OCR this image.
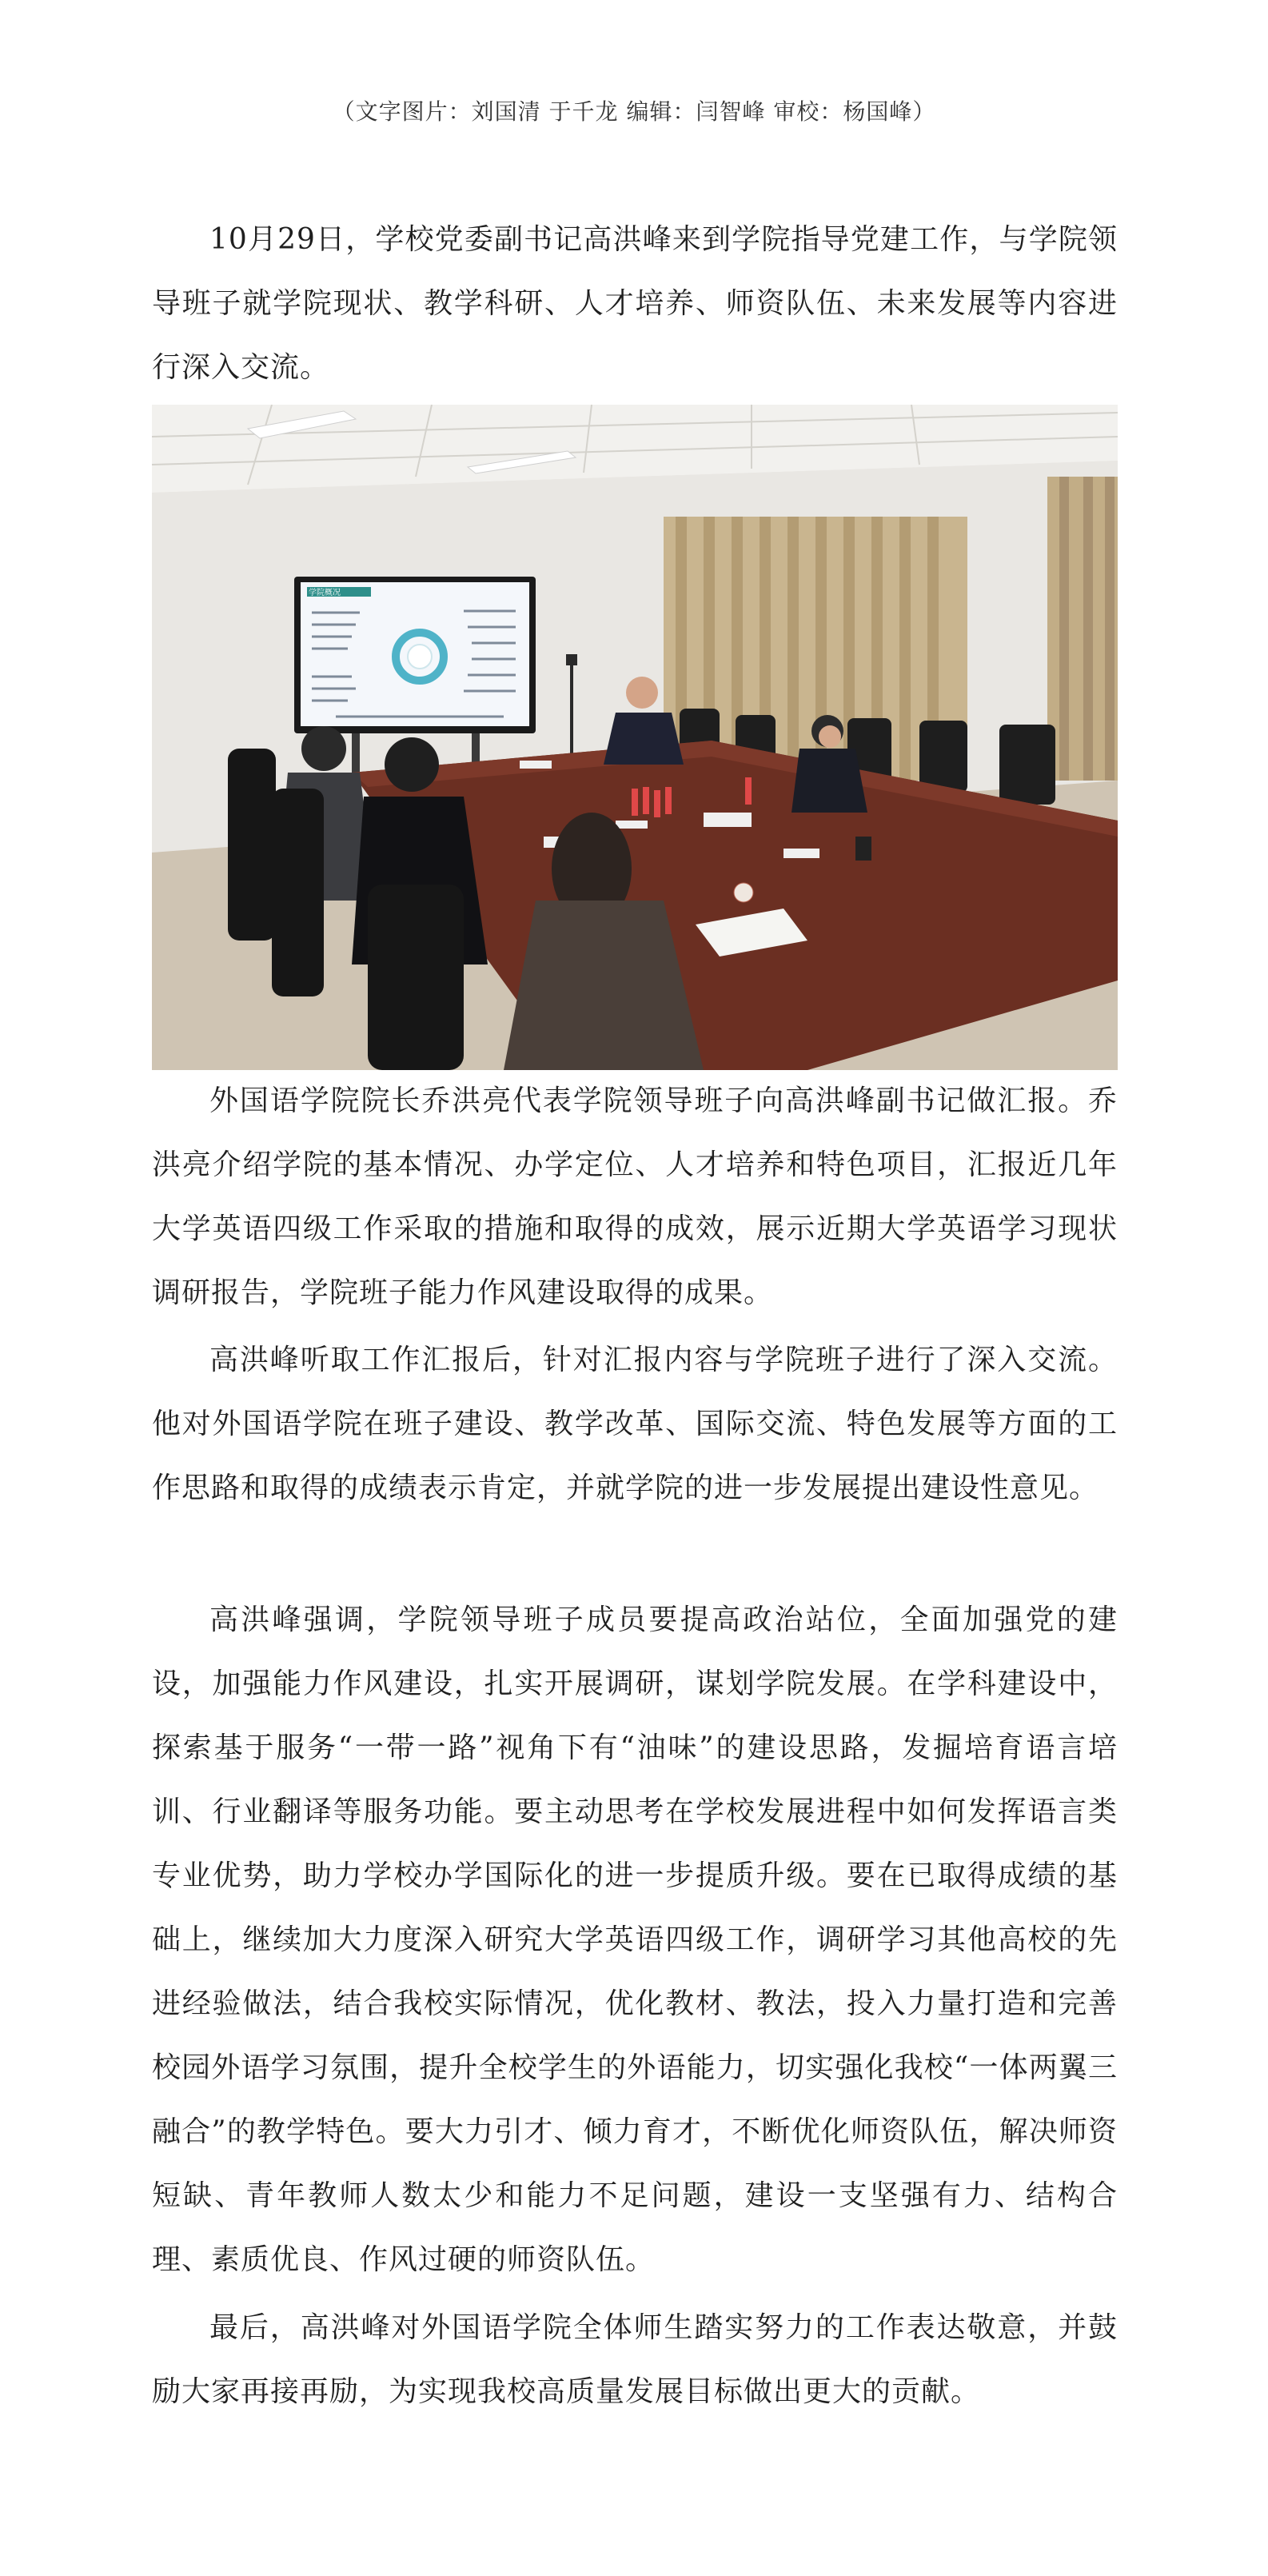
（文字图片：刘国清 于千龙 编辑：闫智峰 审校：杨国峰）

10月29日，学校党委副书记高洪峰来到学院指导党建工作，与学院领导班子就学院现状、教学科研、人才培养、师资队伍、未来发展等内容进行深入交流。

学院概况

外国语学院院长乔洪亮代表学院领导班子向高洪峰副书记做汇报。乔洪亮介绍学院的基本情况、办学定位、人才培养和特色项目，汇报近几年大学英语四级工作采取的措施和取得的成效，展示近期大学英语学习现状调研报告，学院班子能力作风建设取得的成果。

高洪峰听取工作汇报后，针对汇报内容与学院班子进行了深入交流。他对外国语学院在班子建设、教学改革、国际交流、特色发展等方面的工作思路和取得的成绩表示肯定，并就学院的进一步发展提出建设性意见。

高洪峰强调，学院领导班子成员要提高政治站位，全面加强党的建设，加强能力作风建设，扎实开展调研，谋划学院发展。在学科建设中，探索基于服务“一带一路”视角下有“油味”的建设思路，发掘培育语言培训、行业翻译等服务功能。要主动思考在学校发展进程中如何发挥语言类专业优势，助力学校办学国际化的进一步提质升级。要在已取得成绩的基础上，继续加大力度深入研究大学英语四级工作，调研学习其他高校的先进经验做法，结合我校实际情况，优化教材、教法，投入力量打造和完善校园外语学习氛围，提升全校学生的外语能力，切实强化我校“一体两翼三融合”的教学特色。要大力引才、倾力育才，不断优化师资队伍，解决师资短缺、青年教师人数太少和能力不足问题，建设一支坚强有力、结构合理、素质优良、作风过硬的师资队伍。

最后，高洪峰对外国语学院全体师生踏实努力的工作表达敬意，并鼓励大家再接再励，为实现我校高质量发展目标做出更大的贡献。
